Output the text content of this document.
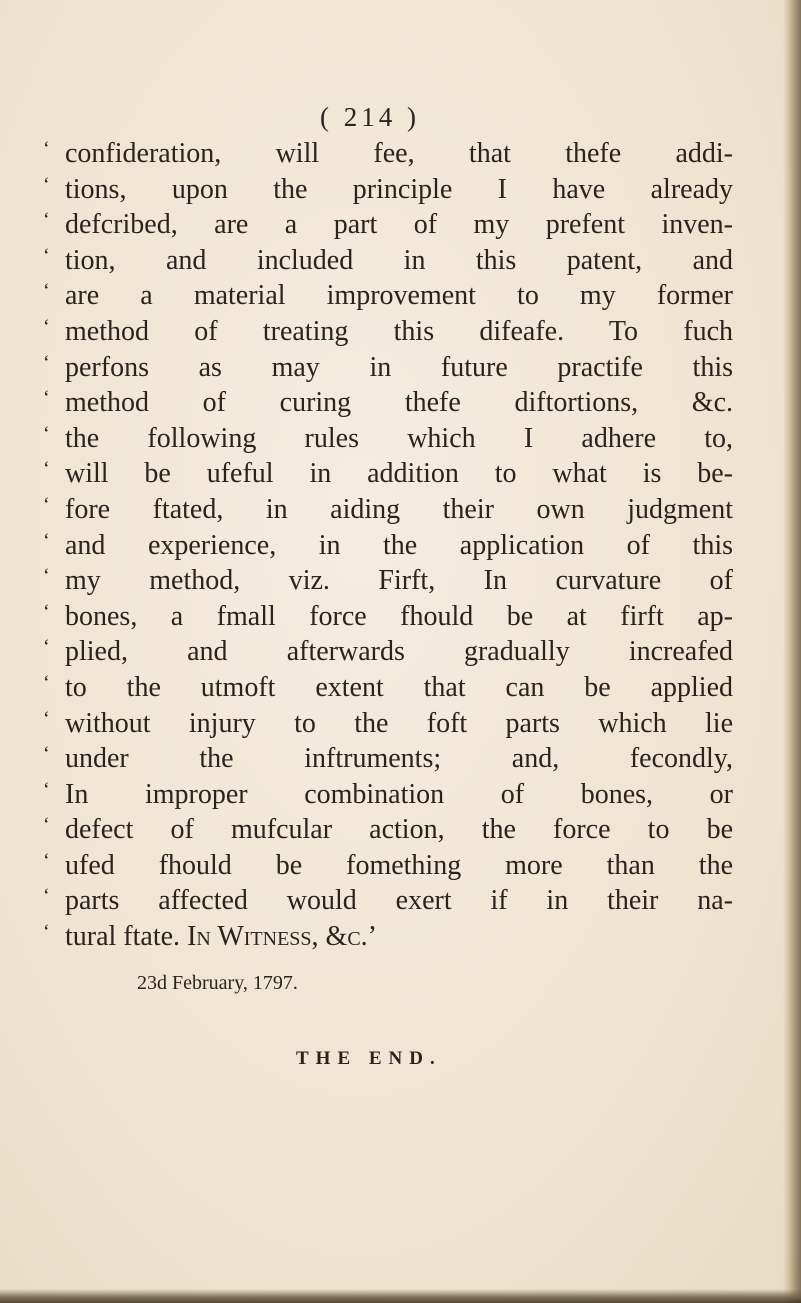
( 214 )
‘ confideration, will fee, that thefe addi-
‘ tions, upon the principle I have already
‘ defcribed, are a part of my prefent inven-
‘ tion, and included in this patent, and
‘ are a material improvement to my former
‘ method of treating this difeafe. To fuch
‘ perfons as may in future practife this
‘ method of curing thefe diftortions, &c.
‘ the following rules which I adhere to,
‘ will be ufeful in addition to what is be-
‘ fore ftated, in aiding their own judgment
‘ and experience, in the application of this
‘ my method, viz. Firft, In curvature of
‘ bones, a fmall force fhould be at firft ap-
‘ plied, and afterwards gradually increafed
‘ to the utmoft extent that can be applied
‘ without injury to the foft parts which lie
‘ under the inftruments; and, fecondly,
‘ In improper combination of bones, or
‘ defect of mufcular action, the force to be
‘ ufed fhould be fomething more than the
‘ parts affected would exert if in their na-
‘ tural ftate. In Witness, &c.’
23d February, 1797.
THE END.
